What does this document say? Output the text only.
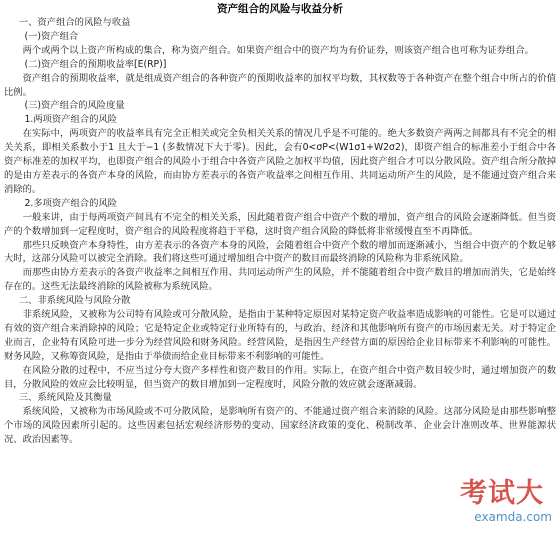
资产组合的风险与收益分析

一、资产组合的风险与收益

(一)资产组合

两个或两个以上资产所构成的集合，称为资产组合。如果资产组合中的资产均为有价证券，则该资产组合也可称为证券组合。

(二)资产组合的预期收益率[E(RP)]

资产组合的预期收益率，就是组成资产组合的各种资产的预期收益率的加权平均数，其权数等于各种资产在整个组合中所占的价值比例。

(三)资产组合的风险度量

1.两项资产组合的风险

在实际中，两项资产的收益率具有完全正相关或完全负相关关系的情况几乎是不可能的。绝大多数资产两两之间都具有不完全的相关关系，即相关系数小于1 且大于−1 (多数情况下大于零)。因此，会有0<σP<(W1σ1+W2σ2)，即资产组合的标准差小于组合中各资产标准差的加权平均，也即资产组合的风险小于组合中各资产风险之加权平均值，因此资产组合才可以分散风险。资产组合所分散掉的是由方差表示的各资产本身的风险，而由协方差表示的各资产收益率之间相互作用、共同运动所产生的风险，是不能通过资产组合来消除的。

2.多项资产组合的风险

一般来讲，由于每两项资产间具有不完全的相关关系，因此随着资产组合中资产个数的增加，资产组合的风险会逐渐降低。但当资产的个数增加到一定程度时，资产组合的风险程度将趋于平稳，这时资产组合风险的降低将非常缓慢直至不再降低。

那些只反映资产本身特性，由方差表示的各资产本身的风险，会随着组合中资产个数的增加而逐渐减小，当组合中资产的个数足够大时，这部分风险可以被完全消除。我们将这些可通过增加组合中资产的数目而最终消除的风险称为非系统风险。

而那些由协方差表示的各资产收益率之间相互作用、共同运动所产生的风险，并不能随着组合中资产数目的增加而消失，它是始终存在的。这些无法最终消除的风险被称为系统风险。

二、非系统风险与风险分散

非系统风险，又被称为公司特有风险或可分散风险，是指由于某种特定原因对某特定资产收益率造成影响的可能性。它是可以通过有效的资产组合来消除掉的风险；它是特定企业或特定行业所特有的，与政治、经济和其他影响所有资产的市场因素无关。对于特定企业而言，企业特有风险可进一步分为经营风险和财务风险。经营风险，是指因生产经营方面的原因给企业目标带来不利影响的可能性。财务风险，又称筹资风险，是指由于举债而给企业目标带来不利影响的可能性。

在风险分散的过程中，不应当过分夸大资产多样性和资产数目的作用。实际上，在资产组合中资产数目较少时，通过增加资产的数目，分散风险的效应会比较明显，但当资产的数目增加到一定程度时，风险分散的效应就会逐渐减弱。

三、系统风险及其衡量

系统风险，又被称为市场风险或不可分散风险，是影响所有资产的、不能通过资产组合来消除的风险。这部分风险是由那些影响整个市场的风险因素所引起的。这些因素包括宏观经济形势的变动、国家经济政策的变化、税制改革、企业会计准则改革、世界能源状况、政治因素等。

考试大
examda.com
